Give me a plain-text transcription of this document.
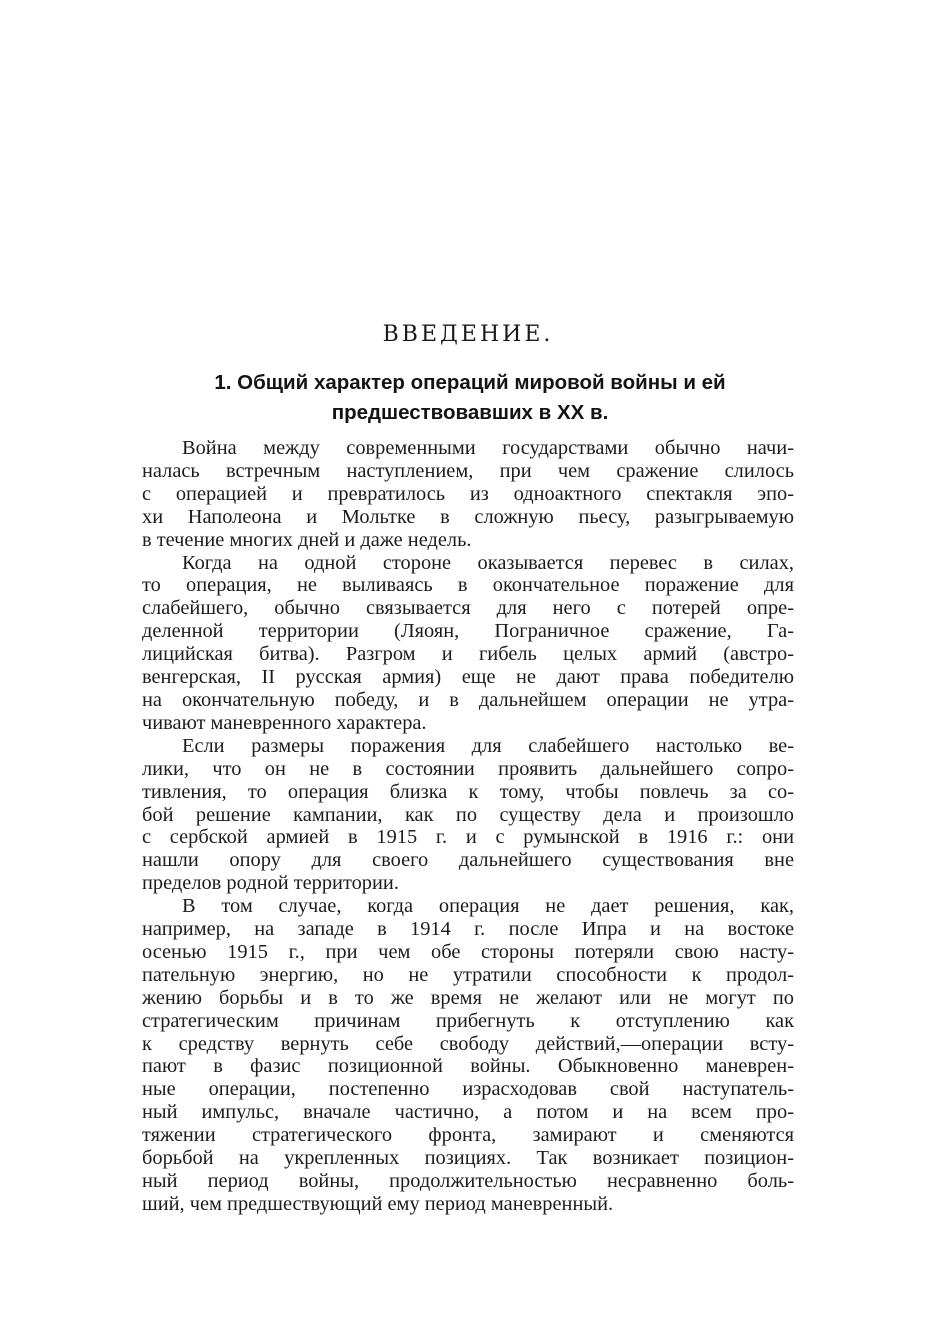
ВВЕДЕНИЕ.
1. Общий характер операций мировой войны и ей
предшествовавших в XX в.
Война между современными государствами обычно начи-
налась встречным наступлением, при чем сражение слилось
с операцией и превратилось из одноактного спектакля эпо-
хи Наполеона и Мольтке в сложную пьесу, разыгрываемую
в течение многих дней и даже недель.
Когда на одной стороне оказывается перевес в силах,
то операция, не выливаясь в окончательное поражение для
слабейшего, обычно связывается для него с потерей опре-
деленной территории (Ляоян, Пограничное сражение, Га-
лицийская битва). Разгром и гибель целых армий (австро-
венгерская, II русская армия) еще не дают права победителю
на окончательную победу, и в дальнейшем операции не утра-
чивают маневренного характера.
Если размеры поражения для слабейшего настолько ве-
лики, что он не в состоянии проявить дальнейшего сопро-
тивления, то операция близка к тому, чтобы повлечь за со-
бой решение кампании, как по существу дела и произошло
с сербской армией в 1915 г. и с румынской в 1916 г.: они
нашли опору для своего дальнейшего существования вне
пределов родной территории.
В том случае, когда операция не дает решения, как,
например, на западе в 1914 г. после Ипра и на востоке
осенью 1915 г., при чем обе стороны потеряли свою насту-
пательную энергию, но не утратили способности к продол-
жению борьбы и в то же время не желают или не могут по
стратегическим причинам прибегнуть к отступлению как
к средству вернуть себе свободу действий,—операции всту-
пают в фазис позиционной войны. Обыкновенно маневрен-
ные операции, постепенно израсходовав свой наступатель-
ный импульс, вначале частично, а потом и на всем про-
тяжении стратегического фронта, замирают и сменяются
борьбой на укрепленных позициях. Так возникает позицион-
ный период войны, продолжительностью несравненно боль-
ший, чем предшествующий ему период маневренный.
